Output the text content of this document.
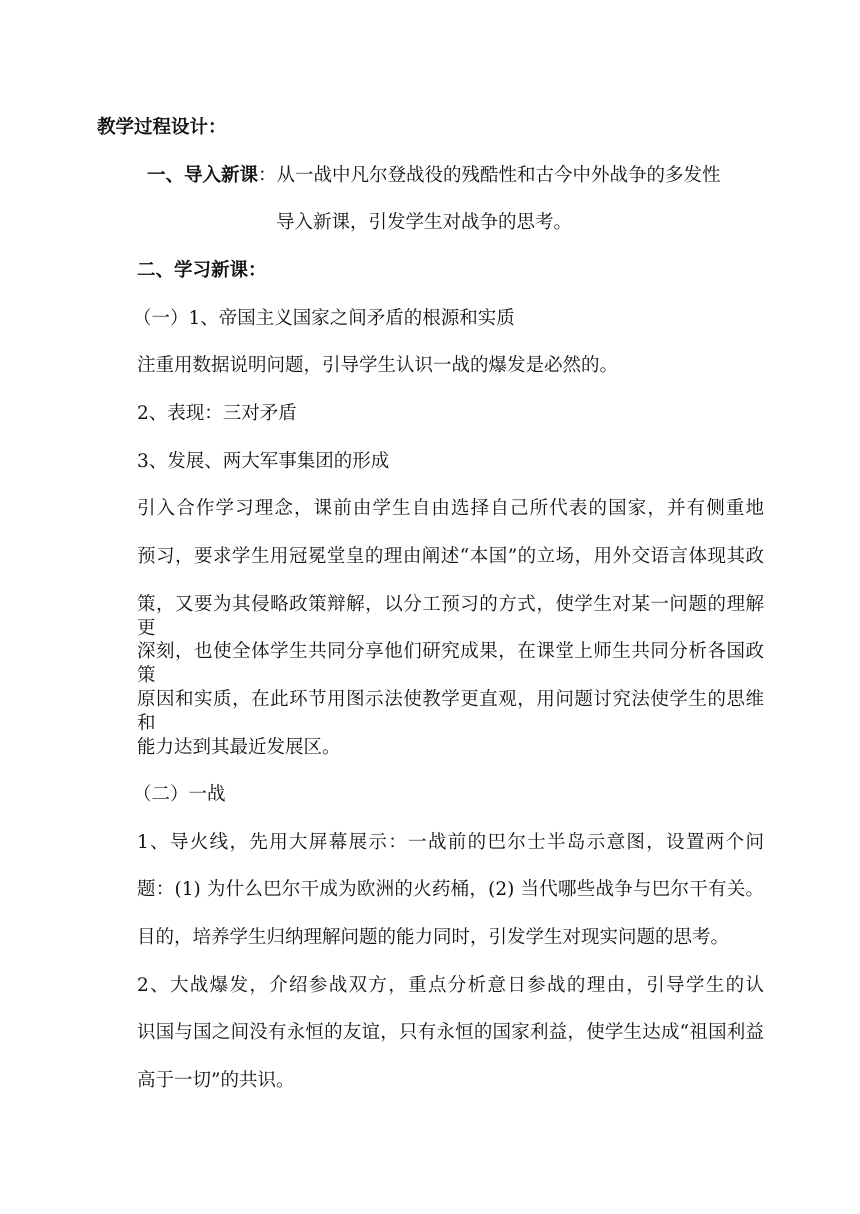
教学过程设计：
一、导入新课：从一战中凡尔登战役的残酷性和古今中外战争的多发性
导入新课，引发学生对战争的思考。
二、学习新课：
（一）1、帝国主义国家之间矛盾的根源和实质
注重用数据说明问题，引导学生认识一战的爆发是必然的。
2、表现：三对矛盾
3、发展、两大军事集团的形成
引入合作学习理念，课前由学生自由选择自己所代表的国家，并有侧重地
预习，要求学生用冠冕堂皇的理由阐述“本国”的立场，用外交语言体现其政
策，又要为其侵略政策辩解，以分工预习的方式，使学生对某一问题的理解更
深刻，也使全体学生共同分享他们研究成果，在课堂上师生共同分析各国政策
原因和实质，在此环节用图示法使教学更直观，用问题讨究法使学生的思维和
能力达到其最近发展区。
（二）一战
1、导火线，先用大屏幕展示：一战前的巴尔士半岛示意图，设置两个问
题：(1) 为什么巴尔干成为欧洲的火药桶，(2) 当代哪些战争与巴尔干有关。
目的，培养学生归纳理解问题的能力同时，引发学生对现实问题的思考。
2、大战爆发，介绍参战双方，重点分析意日参战的理由，引导学生的认
识国与国之间没有永恒的友谊，只有永恒的国家利益，使学生达成“祖国利益
高于一切”的共识。
